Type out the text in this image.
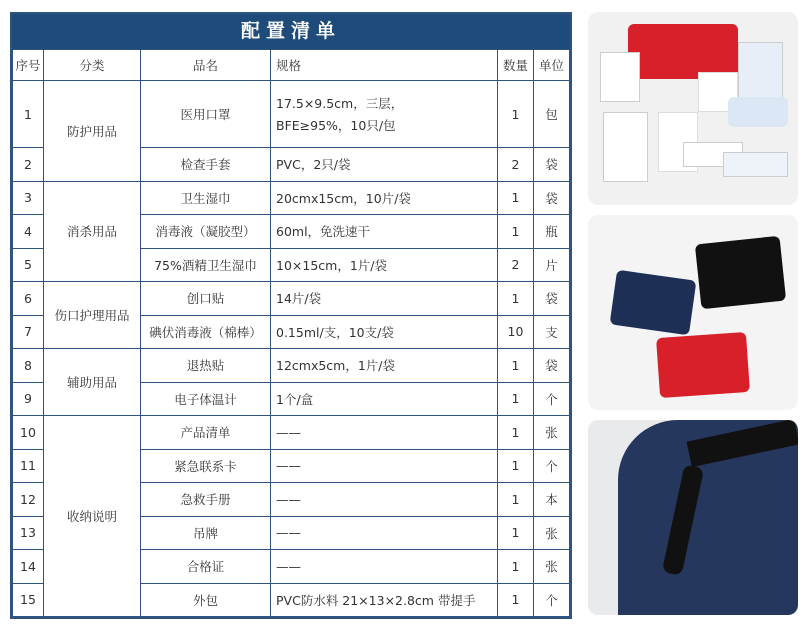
配置清单
序号	分类	品名	规格	数量	单位
1	防护用品	医用口罩	17.5×9.5cm，三层，
BFE≥95%，10只/包	1	包
2		检查手套	PVC，2只/袋	2	袋
3	消杀用品	卫生湿巾	20cmx15cm，10片/袋	1	袋
4		消毒液（凝胶型）	60ml，免洗速干	1	瓶
5		75%酒精卫生湿巾	10×15cm，1片/袋	2	片
6	伤口护理用品	创口贴	14片/袋	1	袋
7		碘伏消毒液（棉棒）	0.15ml/支，10支/袋	10	支
8	辅助用品	退热贴	12cmx5cm，1片/袋	1	袋
9		电子体温计	1个/盒	1	个
10	收纳说明	产品清单	——	1	张
11		紧急联系卡	——	1	个
12		急救手册	——	1	本
13		吊牌	——	1	张
14		合格证	——	1	张
15		外包	PVC防水料 21×13×2.8cm 带提手	1	个
